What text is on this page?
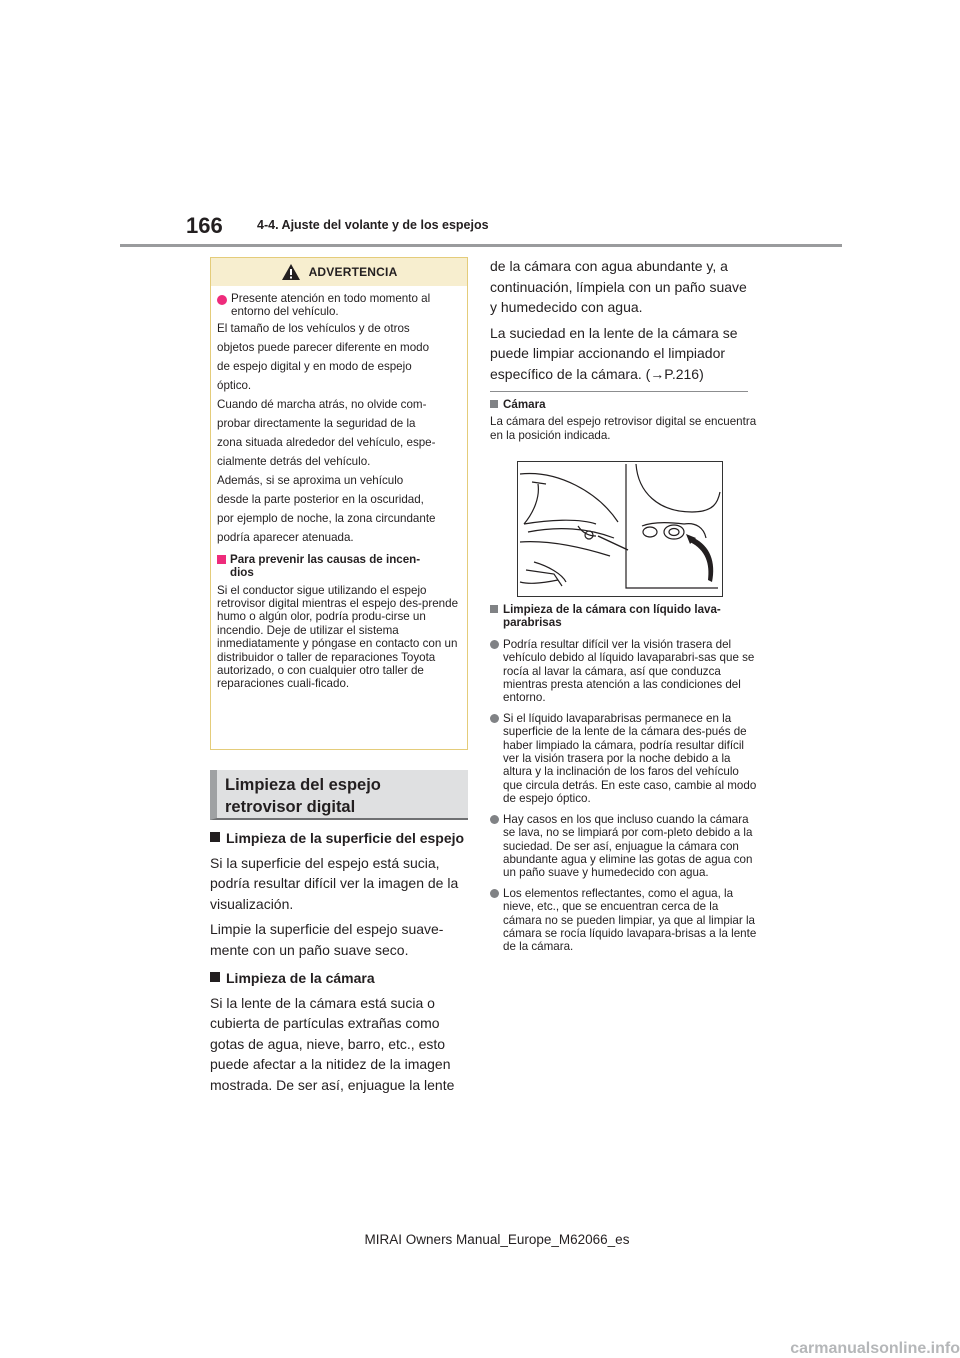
166	4-4. Ajuste del volante y de los espejos
ADVERTENCIA
Presente atención en todo momento al entorno del vehículo.
El tamaño de los vehículos y de otros
objetos puede parecer diferente en modo
de espejo digital y en modo de espejo
óptico.
Cuando dé marcha atrás, no olvide com-
probar directamente la seguridad de la
zona situada alrededor del vehículo, espe-
cialmente detrás del vehículo.
Además, si se aproxima un vehículo
desde la parte posterior en la oscuridad,
por ejemplo de noche, la zona circundante
podría aparecer atenuada.
Para prevenir las causas de incen-
dios
Si el conductor sigue utilizando el espejo retrovisor digital mientras el espejo des-prende humo o algún olor, podría produ-cirse un incendio. Deje de utilizar el sistema inmediatamente y póngase en contacto con un distribuidor o taller de reparaciones Toyota autorizado, o con cualquier otro taller de reparaciones cuali-ficado.
Limpieza del espejo retrovisor digital
Limpieza de la superficie del espejo

Si la superficie del espejo está sucia, podría resultar difícil ver la imagen de la visualización.

Limpie la superficie del espejo suave-mente con un paño suave seco.

Limpieza de la cámara

Si la lente de la cámara está sucia o cubierta de partículas extrañas como gotas de agua, nieve, barro, etc., esto puede afectar a la nitidez de la imagen mostrada. De ser así, enjuague la lente

de la cámara con agua abundante y, a continuación, límpiela con un paño suave y humedecido con agua.

La suciedad en la lente de la cámara se puede limpiar accionando el limpiador específico de la cámara. (→P.216)

Cámara
La cámara del espejo retrovisor digital se encuentra en la posición indicada.
Limpieza de la cámara con líquido lava-parabrisas
Podría resultar difícil ver la visión trasera del vehículo debido al líquido lavaparabri-sas que se rocía al lavar la cámara, así que conduzca mientras presta atención a las condiciones del entorno.
Si el líquido lavaparabrisas permanece en la superficie de la lente de la cámara des-pués de haber limpiado la cámara, podría resultar difícil ver la visión trasera por la noche debido a la altura y la inclinación de los faros del vehículo que circula detrás. En este caso, cambie al modo de espejo óptico.
Hay casos en los que incluso cuando la cámara se lava, no se limpiará por com-pleto debido a la suciedad. De ser así, enjuague la cámara con abundante agua y elimine las gotas de agua con un paño suave y humedecido con agua.
Los elementos reflectantes, como el agua, la nieve, etc., que se encuentran cerca de la cámara no se pueden limpiar, ya que al limpiar la cámara se rocía líquido lavapara-brisas a la lente de la cámara.
MIRAI Owners Manual_Europe_M62066_es
carmanualsonline.info
